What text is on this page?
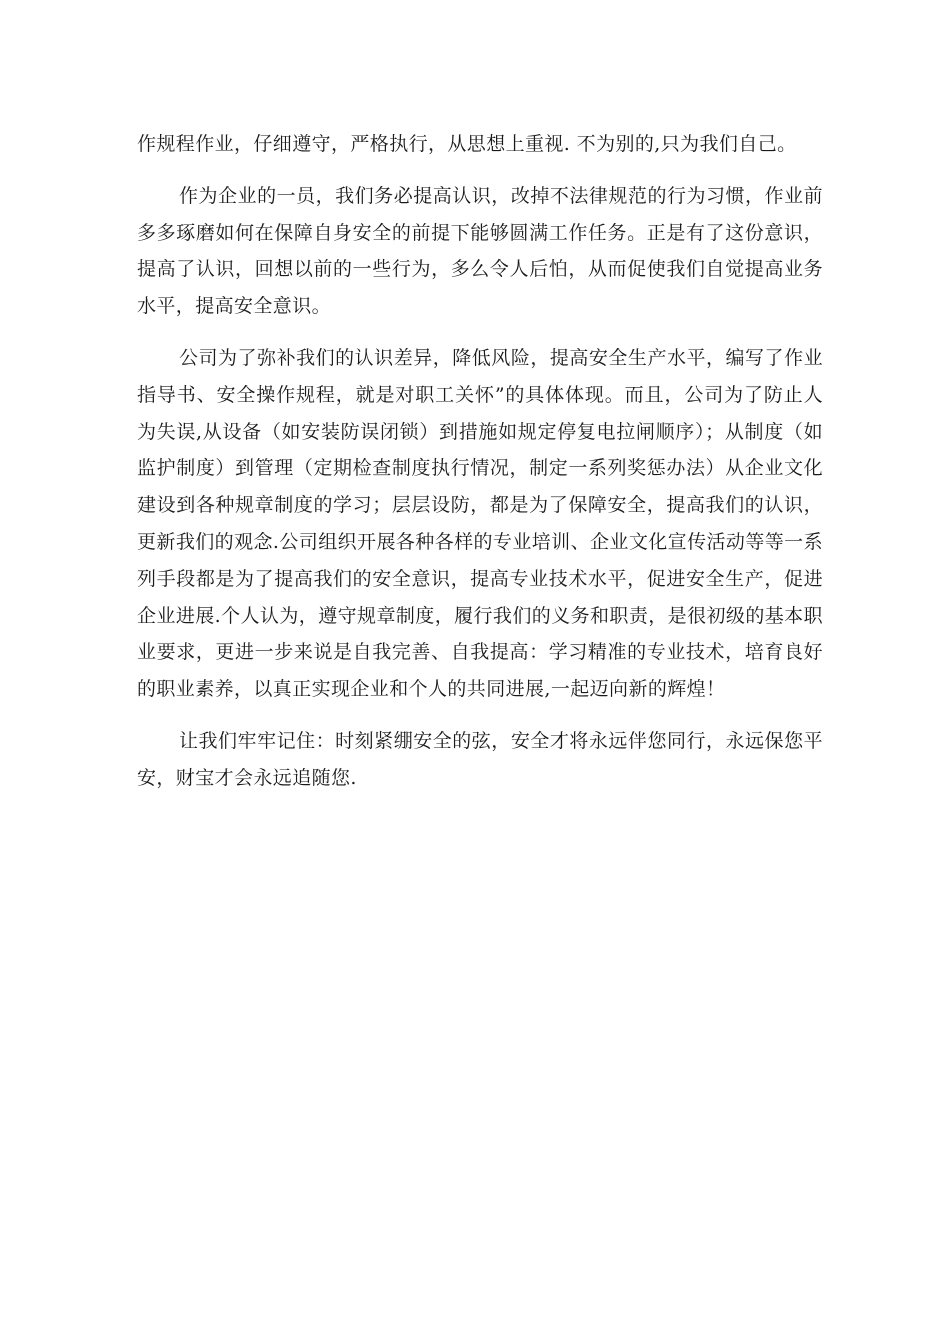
作规程作业，仔细遵守，严格执行，从思想上重视. 不为别的,只为我们自己。
作为企业的一员，我们务必提高认识，改掉不法律规范的行为习惯，作业前
多多琢磨如何在保障自身安全的前提下能够圆满工作任务。正是有了这份意识，
提高了认识，回想以前的一些行为，多么令人后怕，从而促使我们自觉提高业务
水平，提高安全意识。
公司为了弥补我们的认识差异，降低风险，提高安全生产水平，编写了作业
指导书、安全操作规程，就是对职工关怀”的具体体现。而且，公司为了防止人
为失误,从设备（如安装防误闭锁）到措施如规定停复电拉闸顺序）；从制度（如
监护制度）到管理（定期检查制度执行情况，制定一系列奖惩办法）从企业文化
建设到各种规章制度的学习；层层设防，都是为了保障安全，提高我们的认识，
更新我们的观念.公司组织开展各种各样的专业培训、企业文化宣传活动等等一系
列手段都是为了提高我们的安全意识，提高专业技术水平，促进安全生产，促进
企业进展.个人认为，遵守规章制度，履行我们的义务和职责，是很初级的基本职
业要求，更进一步来说是自我完善、自我提高：学习精准的专业技术，培育良好
的职业素养，以真正实现企业和个人的共同进展,一起迈向新的辉煌！
让我们牢牢记住：时刻紧绷安全的弦，安全才将永远伴您同行，永远保您平
安，财宝才会永远追随您.
